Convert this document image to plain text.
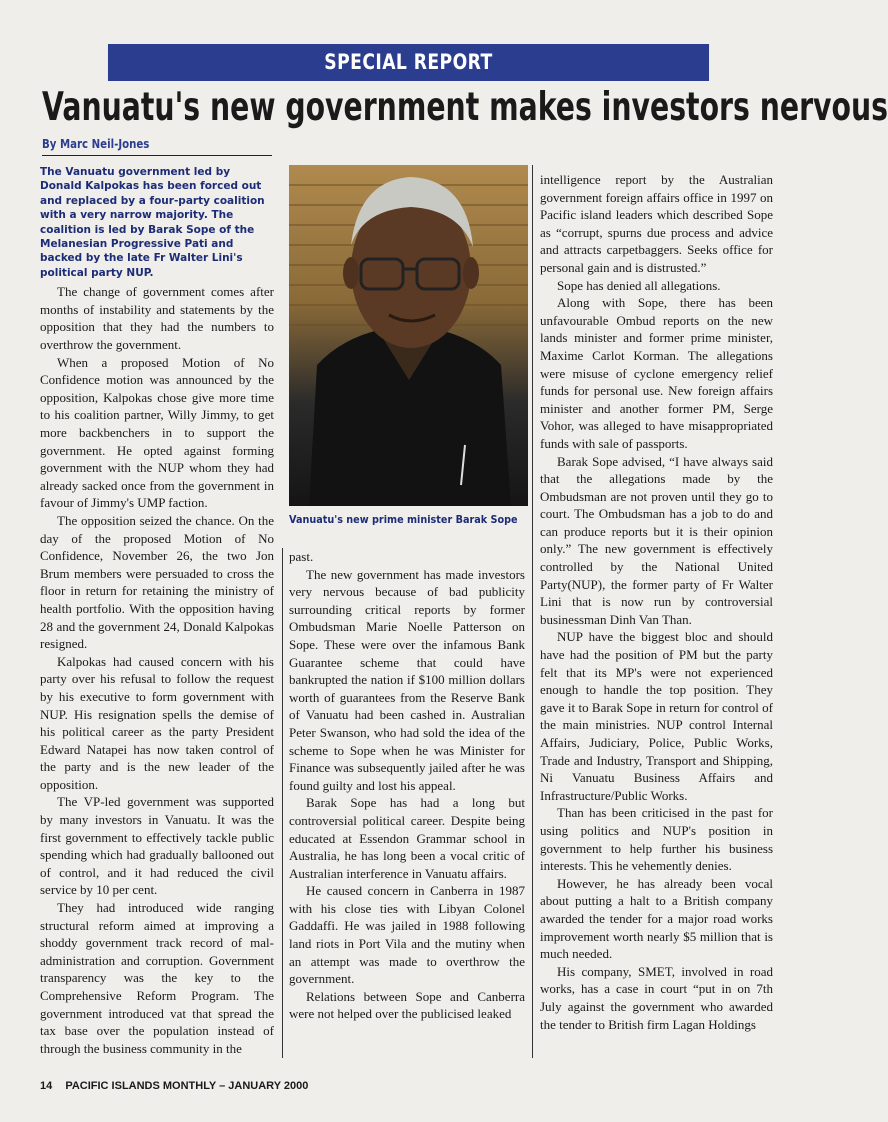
SPECIAL REPORT
Vanuatu's new government makes investors nervous
By Marc Neil-Jones
The Vanuatu government led by Donald Kalpokas has been forced out and replaced by a four-party coalition with a very narrow majority. The coalition is led by Barak Sope of the Melanesian Progressive Pati and backed by the late Fr Walter Lini's political party NUP.

The change of government comes after months of instability and statements by the opposition that they had the numbers to overthrow the government.

When a proposed Motion of No Confidence motion was announced by the opposition, Kalpokas chose give more time to his coalition partner, Willy Jimmy, to get more backbenchers in to support the government. He opted against forming government with the NUP whom they had already sacked once from the government in favour of Jimmy's UMP faction.

The opposition seized the chance. On the day of the proposed Motion of No Confidence, November 26, the two Jon Brum members were persuaded to cross the floor in return for retaining the ministry of health portfolio. With the opposition having 28 and the government 24, Donald Kalpokas resigned.

Kalpokas had caused concern with his party over his refusal to follow the request by his executive to form government with NUP. His resignation spells the demise of his political career as the party President Edward Natapei has now taken control of the party and is the new leader of the opposition.

The VP-led government was supported by many investors in Vanuatu. It was the first government to effectively tackle public spending which had gradually ballooned out of control, and it had reduced the civil service by 10 per cent.

They had introduced wide ranging structural reform aimed at improving a shoddy government track record of mal-administration and corruption. Government transparency was the key to the Comprehensive Reform Program. The government introduced vat that spread the tax base over the population instead of through the business community in the

Vanuatu's new prime minister Barak Sope

past.

The new government has made investors very nervous because of bad publicity surrounding critical reports by former Ombudsman Marie Noelle Patterson on Sope. These were over the infamous Bank Guarantee scheme that could have bankrupted the nation if $100 million dollars worth of guarantees from the Reserve Bank of Vanuatu had been cashed in. Australian Peter Swanson, who had sold the idea of the scheme to Sope when he was Minister for Finance was subsequently jailed after he was found guilty and lost his appeal.

Barak Sope has had a long but controversial political career. Despite being educated at Essendon Grammar school in Australia, he has long been a vocal critic of Australian interference in Vanuatu affairs.

He caused concern in Canberra in 1987 with his close ties with Libyan Colonel Gaddaffi. He was jailed in 1988 following land riots in Port Vila and the mutiny when an attempt was made to overthrow the government.

Relations between Sope and Canberra were not helped over the publicised leaked

intelligence report by the Australian government foreign affairs office in 1997 on Pacific island leaders which described Sope as “corrupt, spurns due process and advice and attracts carpetbaggers. Seeks office for personal gain and is distrusted.”

Sope has denied all allegations.

Along with Sope, there has been unfavourable Ombud reports on the new lands minister and former prime minister, Maxime Carlot Korman. The allegations were misuse of cyclone emergency relief funds for personal use. New foreign affairs minister and another former PM, Serge Vohor, was alleged to have misappropriated funds with sale of passports.

Barak Sope advised, “I have always said that the allegations made by the Ombudsman are not proven until they go to court. The Ombudsman has a job to do and can produce reports but it is their opinion only.” The new government is effectively controlled by the National United Party(NUP), the former party of Fr Walter Lini that is now run by controversial businessman Dinh Van Than.

NUP have the biggest bloc and should have had the position of PM but the party felt that its MP's were not experienced enough to handle the top position. They gave it to Barak Sope in return for control of the main ministries. NUP control Internal Affairs, Judiciary, Police, Public Works, Trade and Industry, Transport and Shipping, Ni Vanuatu Business Affairs and Infrastructure/Public Works.

Than has been criticised in the past for using politics and NUP's position in government to help further his business interests. This he vehemently denies.

However, he has already been vocal about putting a halt to a British company awarded the tender for a major road works improvement worth nearly $5 million that is much needed.

His company, SMET, involved in road works, has a case in court “put in on 7th July against the government who awarded the tender to British firm Lagan Holdings

14 PACIFIC ISLANDS MONTHLY – JANUARY 2000
